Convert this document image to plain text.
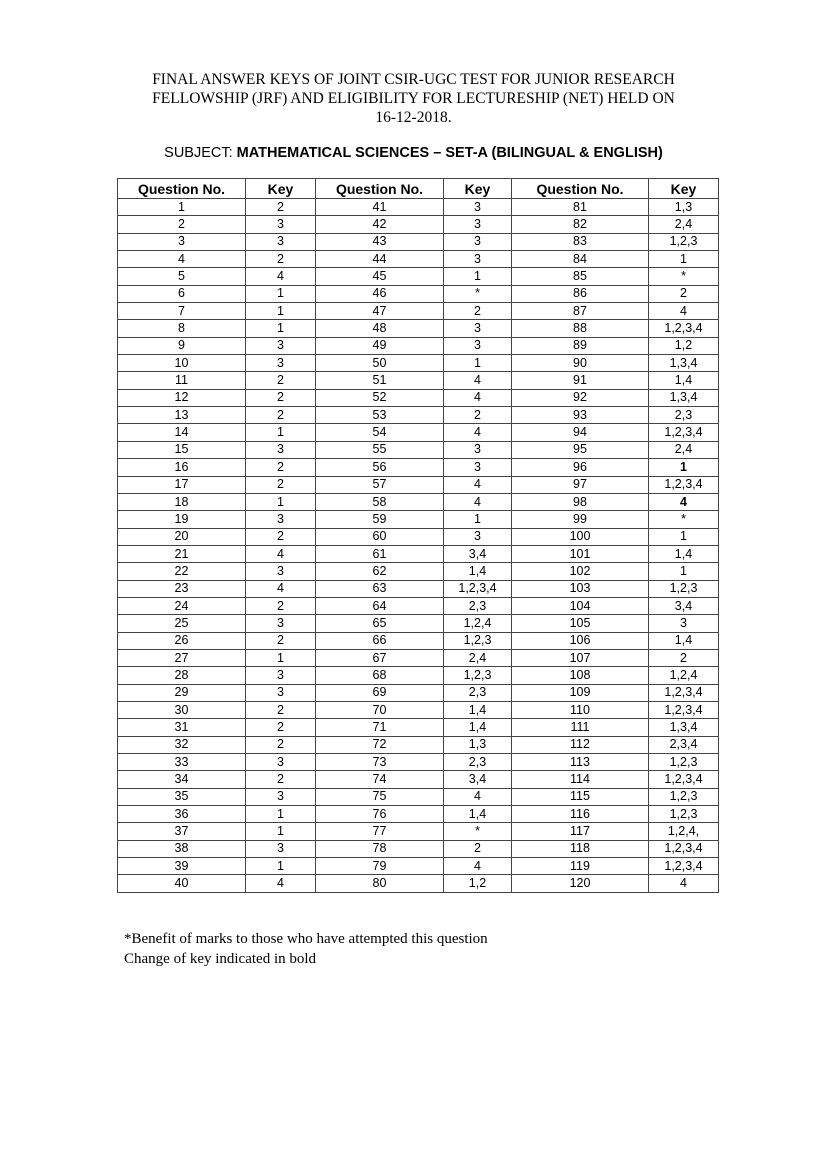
FINAL ANSWER KEYS OF JOINT CSIR-UGC TEST FOR JUNIOR RESEARCH
FELLOWSHIP (JRF) AND ELIGIBILITY FOR LECTURESHIP (NET) HELD ON
16-12-2018.
SUBJECT: MATHEMATICAL SCIENCES – SET-A (BILINGUAL & ENGLISH)
Question No.	Key	Question No.	Key	Question No.	Key
1	2	41	3	81	1,3
2	3	42	3	82	2,4
3	3	43	3	83	1,2,3
4	2	44	3	84	1
5	4	45	1	85	*
6	1	46	*	86	2
7	1	47	2	87	4
8	1	48	3	88	1,2,3,4
9	3	49	3	89	1,2
10	3	50	1	90	1,3,4
11	2	51	4	91	1,4
12	2	52	4	92	1,3,4
13	2	53	2	93	2,3
14	1	54	4	94	1,2,3,4
15	3	55	3	95	2,4
16	2	56	3	96	1
17	2	57	4	97	1,2,3,4
18	1	58	4	98	4
19	3	59	1	99	*
20	2	60	3	100	1
21	4	61	3,4	101	1,4
22	3	62	1,4	102	1
23	4	63	1,2,3,4	103	1,2,3
24	2	64	2,3	104	3,4
25	3	65	1,2,4	105	3
26	2	66	1,2,3	106	1,4
27	1	67	2,4	107	2
28	3	68	1,2,3	108	1,2,4
29	3	69	2,3	109	1,2,3,4
30	2	70	1,4	110	1,2,3,4
31	2	71	1,4	111	1,3,4
32	2	72	1,3	112	2,3,4
33	3	73	2,3	113	1,2,3
34	2	74	3,4	114	1,2,3,4
35	3	75	4	115	1,2,3
36	1	76	1,4	116	1,2,3
37	1	77	*	117	1,2,4,
38	3	78	2	118	1,2,3,4
39	1	79	4	119	1,2,3,4
40	4	80	1,2	120	4
*Benefit of marks to those who have attempted this question
Change of key indicated in bold
